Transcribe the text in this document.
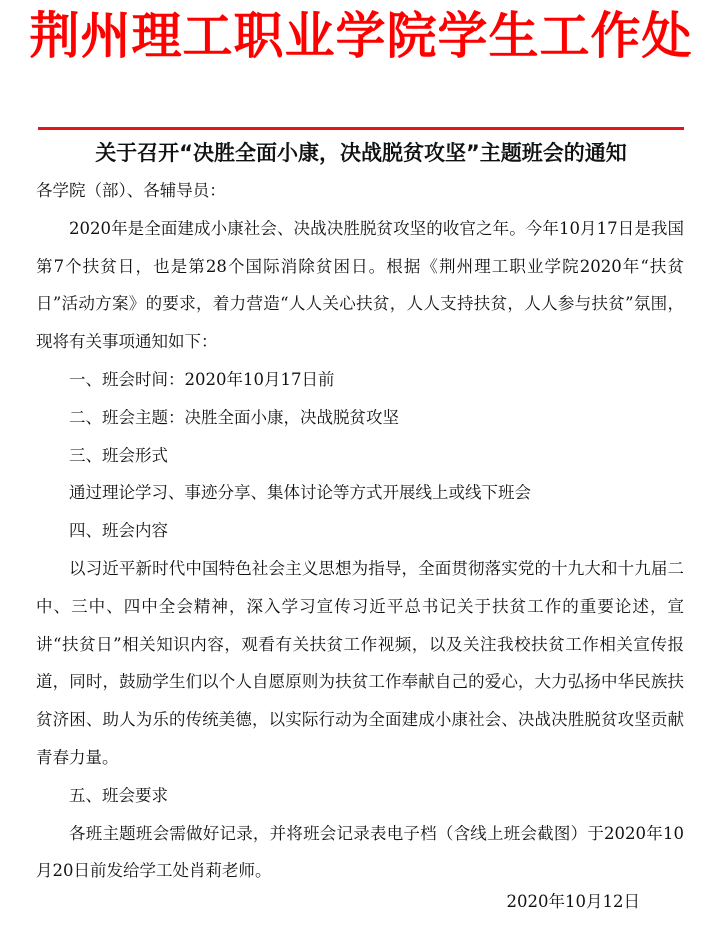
荆州理工职业学院学生工作处
关于召开“决胜全面小康，决战脱贫攻坚”主题班会的通知

各学院（部）、各辅导员：

2020年是全面建成小康社会、决战决胜脱贫攻坚的收官之年。今年10月17日是我国第7个扶贫日，也是第28个国际消除贫困日。根据《荆州理工职业学院2020年“扶贫日”活动方案》的要求，着力营造“人人关心扶贫，人人支持扶贫，人人参与扶贫”氛围，现将有关事项通知如下：

一、班会时间：2020年10月17日前

二、班会主题：决胜全面小康，决战脱贫攻坚

三、班会形式

通过理论学习、事迹分享、集体讨论等方式开展线上或线下班会

四、班会内容

以习近平新时代中国特色社会主义思想为指导，全面贯彻落实党的十九大和十九届二中、三中、四中全会精神，深入学习宣传习近平总书记关于扶贫工作的重要论述，宣讲“扶贫日”相关知识内容，观看有关扶贫工作视频，以及关注我校扶贫工作相关宣传报道，同时，鼓励学生们以个人自愿原则为扶贫工作奉献自己的爱心，大力弘扬中华民族扶贫济困、助人为乐的传统美德，以实际行动为全面建成小康社会、决战决胜脱贫攻坚贡献青春力量。

五、班会要求

各班主题班会需做好记录，并将班会记录表电子档（含线上班会截图）于2020年10月20日前发给学工处肖莉老师。

2020年10月12日
